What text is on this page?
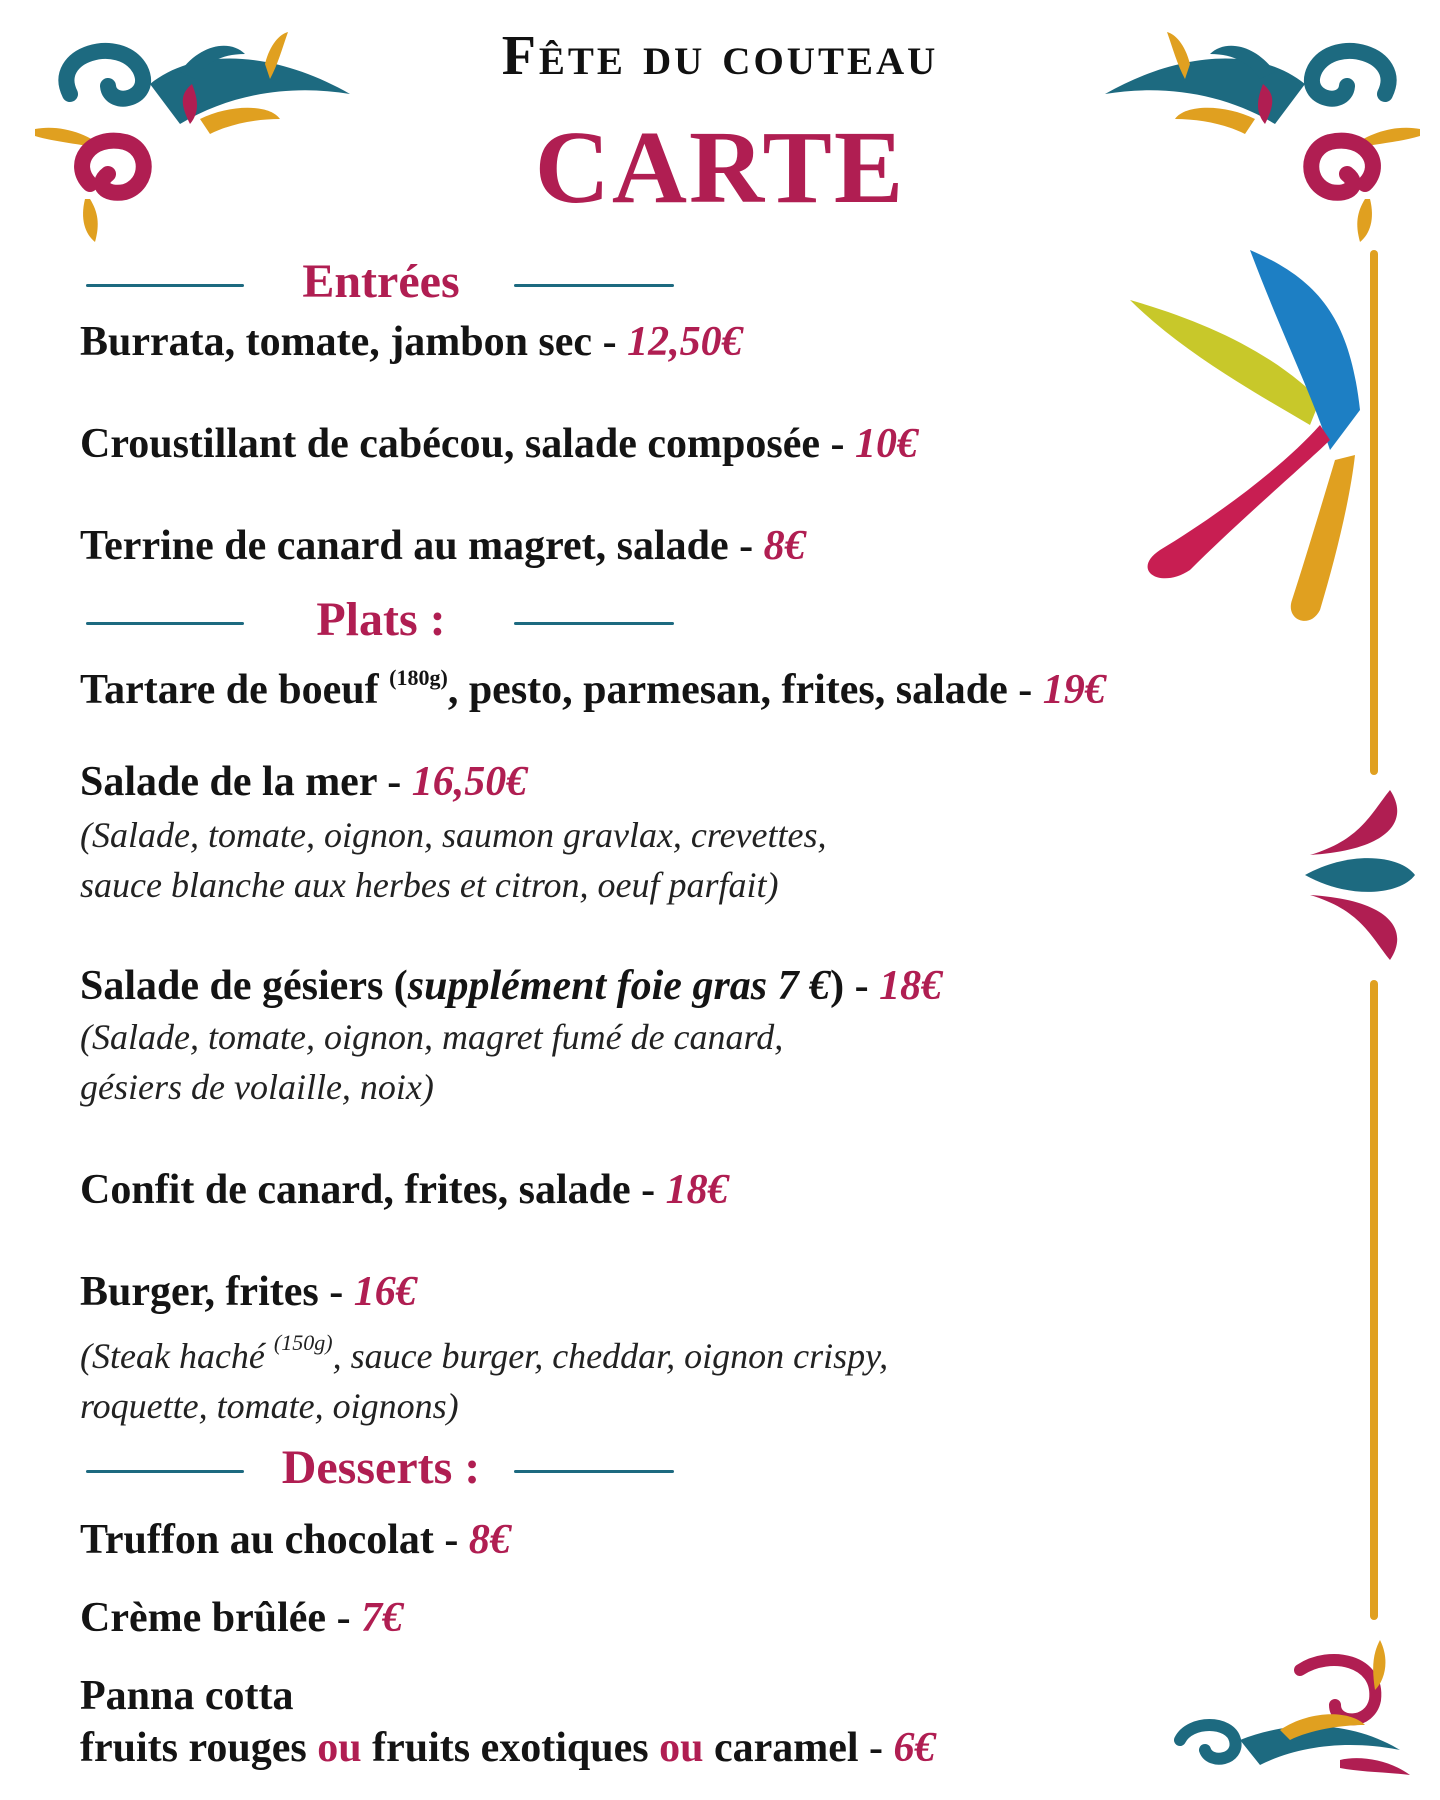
Fête du couteau
CARTE
Entrées
Burrata, tomate, jambon sec - 12,50€
Croustillant de cabécou, salade composée - 10€
Terrine de canard au magret, salade - 8€
Plats :
Tartare de boeuf $^{(180g)}$, pesto, parmesan, frites, salade - 19€
Salade de la mer - 16,50€
(Salade, tomate, oignon, saumon gravlax, crevettes,
sauce blanche aux herbes et citron, oeuf parfait)
Salade de gésiers (supplément foie gras 7 €) - 18€
(Salade, tomate, oignon, magret fumé de canard,
gésiers de volaille, noix)
Confit de canard, frites, salade - 18€
Burger, frites - 16€
(Steak haché $^{(150g)}$, sauce burger, cheddar, oignon crispy,
roquette, tomate, oignons)
Desserts :
Truffon au chocolat - 8€
Crème brûlée - 7€
Panna cotta
fruits rouges ou fruits exotiques ou caramel - 6€
